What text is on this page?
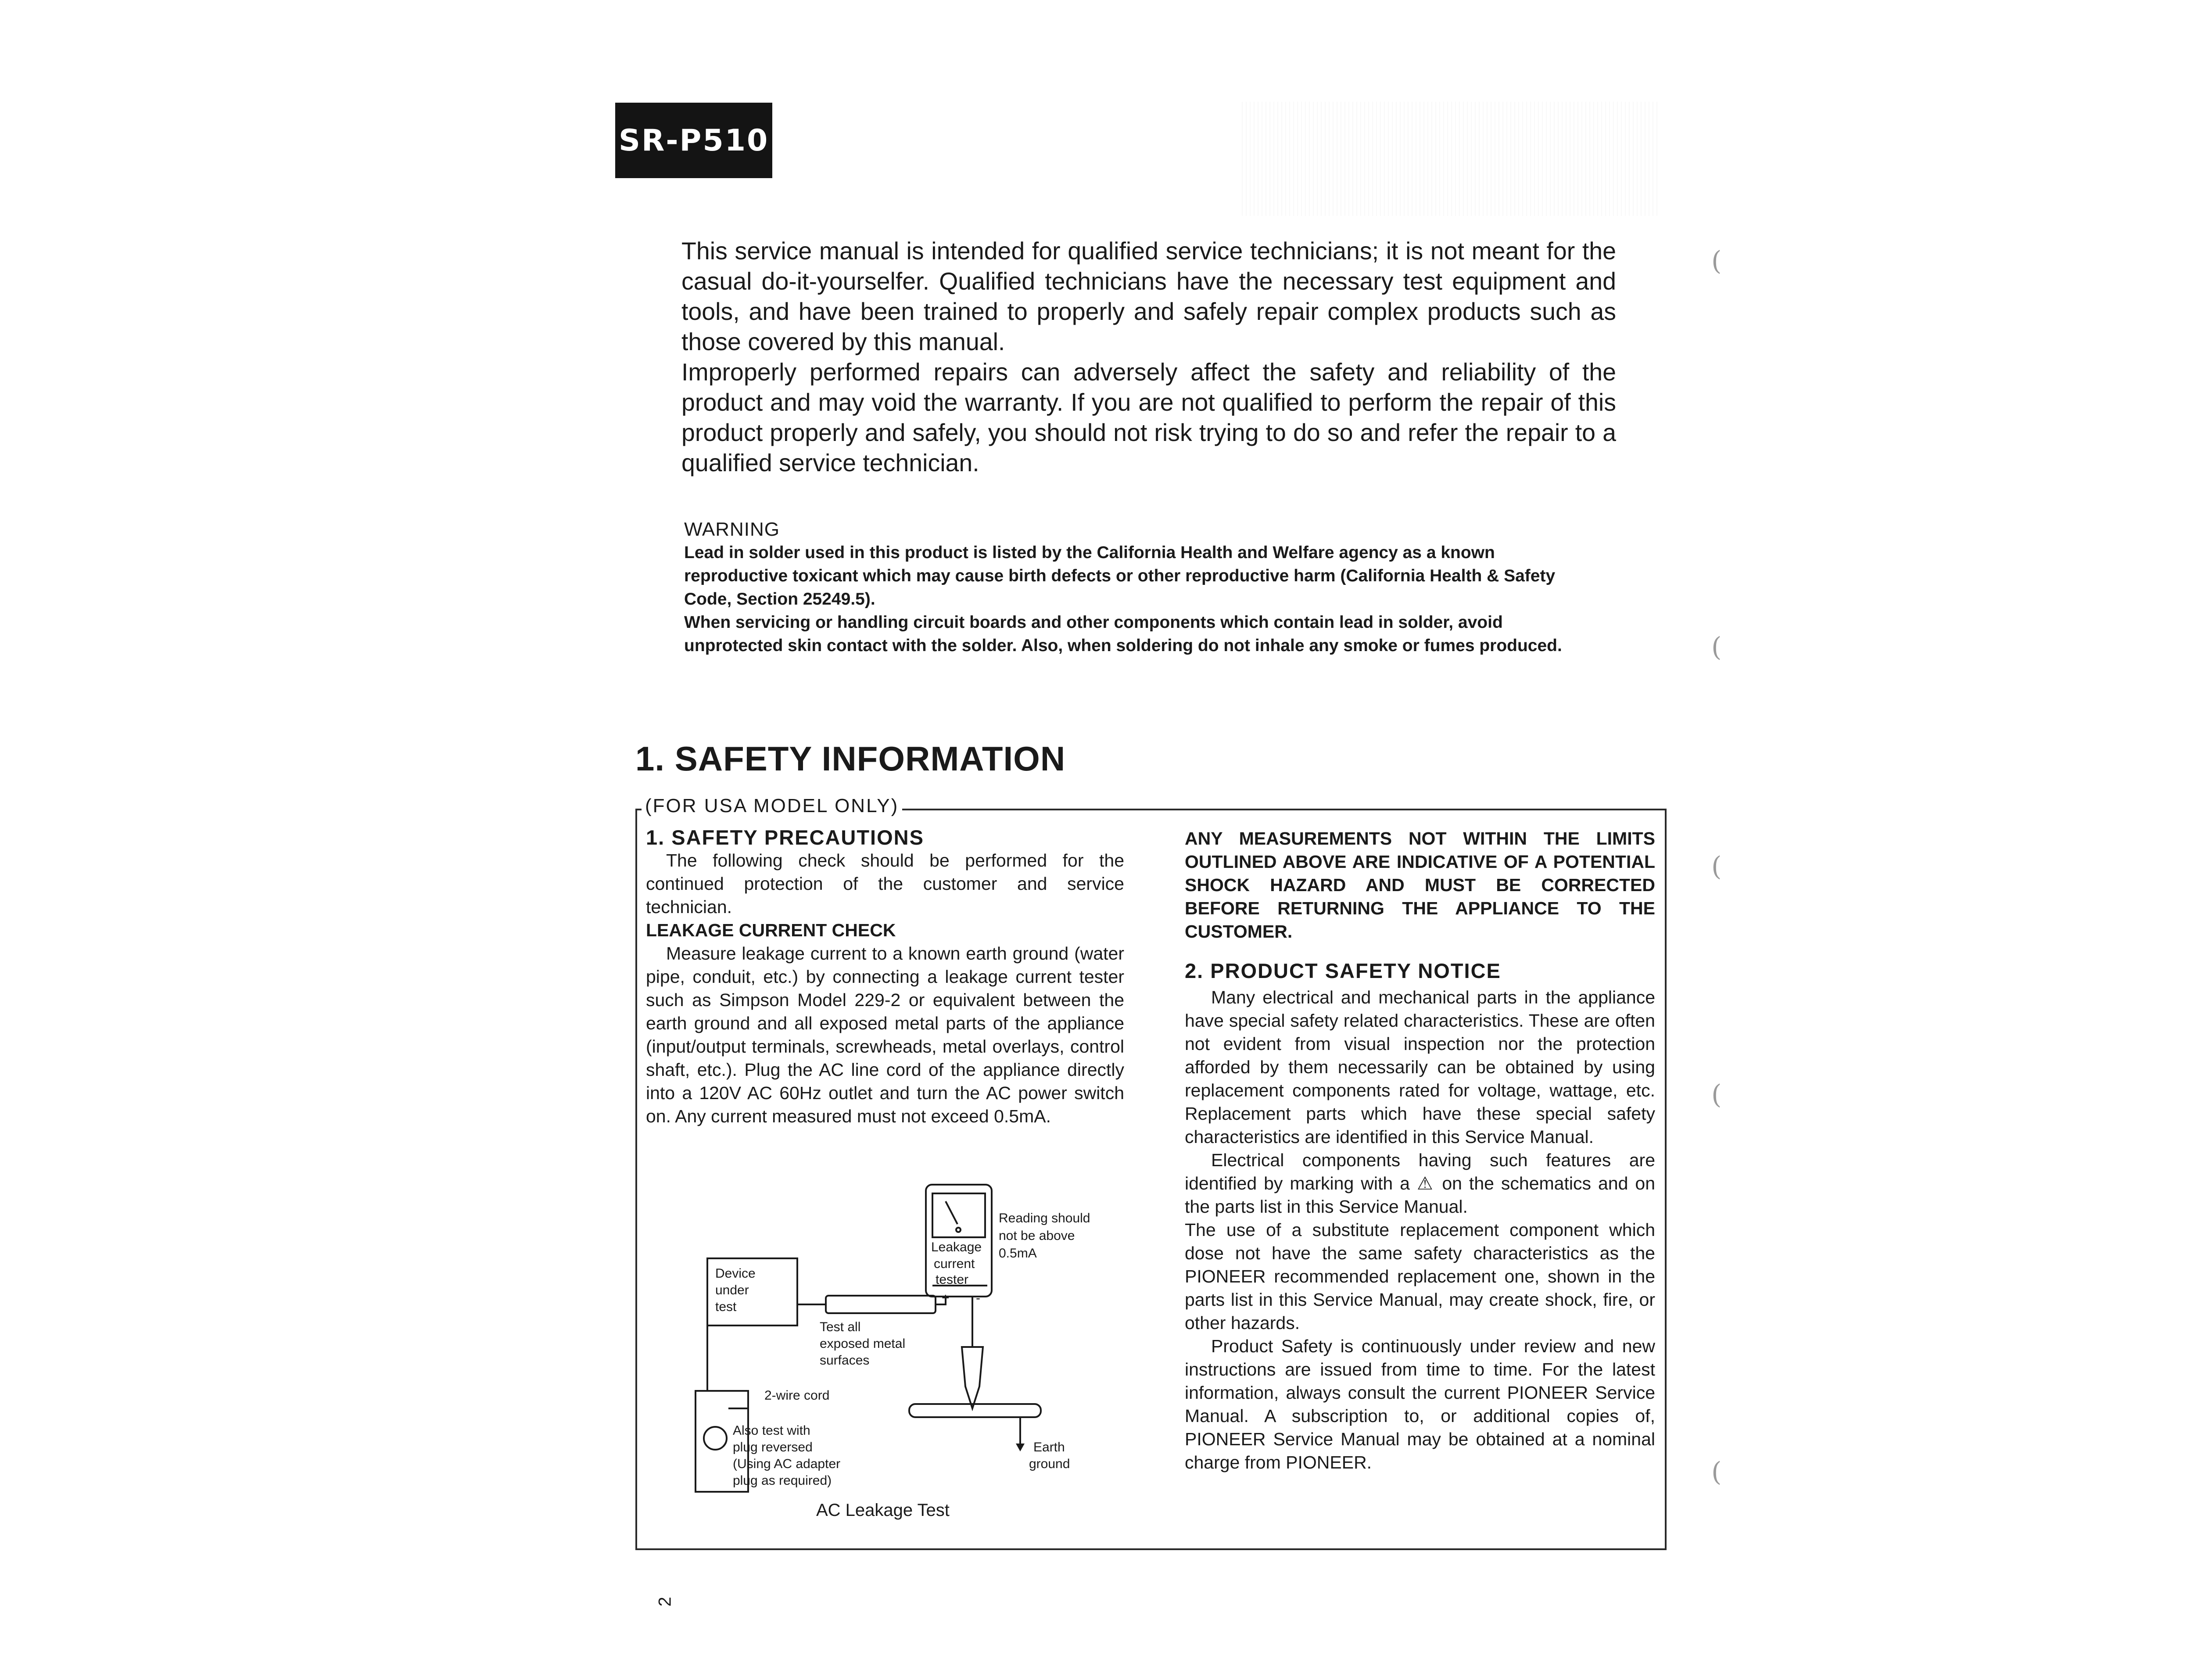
SR-P510

This service manual is intended for qualified service technicians; it is not meant for the casual do-it-yourselfer. Qualified technicians have the necessary test equipment and tools, and have been trained to properly and safely repair complex products such as those covered by this manual.

Improperly performed repairs can adversely affect the safety and reliability of the product and may void the warranty. If you are not qualified to perform the repair of this product properly and safely, you should not risk trying to do so and refer the repair to a qualified service technician.

WARNING

Lead in solder used in this product is listed by the California Health and Welfare agency as a known reproductive toxicant which may cause birth defects or other reproductive harm (California Health & Safety Code, Section 25249.5).

When servicing or handling circuit boards and other components which contain lead in solder, avoid unprotected skin contact with the solder. Also, when soldering do not inhale any smoke or fumes produced.

1. SAFETY INFORMATION
(FOR USA MODEL ONLY)
1. SAFETY PRECAUTIONS

The following check should be performed for the continued protection of the customer and service technician.

LEAKAGE CURRENT CHECK

Measure leakage current to a known earth ground (water pipe, conduit, etc.) by connecting a leakage current tester such as Simpson Model 229-2 or equivalent between the earth ground and all exposed metal parts of the appliance (input/output terminals, screwheads, metal overlays, control shaft, etc.). Plug the AC line cord of the appliance directly into a 120V AC 60Hz outlet and turn the AC power switch on. Any current measured must not exceed 0.5mA.

ANY MEASUREMENTS NOT WITHIN THE LIMITS OUTLINED ABOVE ARE INDICATIVE OF A POTENTIAL SHOCK HAZARD AND MUST BE CORRECTED BEFORE RETURNING THE APPLIANCE TO THE CUSTOMER.

2. PRODUCT SAFETY NOTICE

Many electrical and mechanical parts in the appliance have special safety related characteristics. These are often not evident from visual inspection nor the protection afforded by them necessarily can be obtained by using replacement components rated for voltage, wattage, etc. Replacement parts which have these special safety characteristics are identified in this Service Manual.

Electrical components having such features are identified by marking with a ⚠ on the schematics and on the parts list in this Service Manual.

The use of a substitute replacement component which dose not have the same safety characteristics as the PIONEER recommended replacement one, shown in the parts list in this Service Manual, may create shock, fire, or other hazards.

Product Safety is continuously under review and new instructions are issued from time to time. For the latest information, always consult the current PIONEER Service Manual. A subscription to, or additional copies of, PIONEER Service Manual may be obtained at a nominal charge from PIONEER.

Device
under
test
Leakage
current
tester
+ -
Reading should
not be above
0.5mA
Test all
exposed metal
surfaces
2-wire cord
Also test with
plug reversed
(Using AC adapter
plug as required)
Earth
ground
AC Leakage Test
2
(
(
(
(
(
